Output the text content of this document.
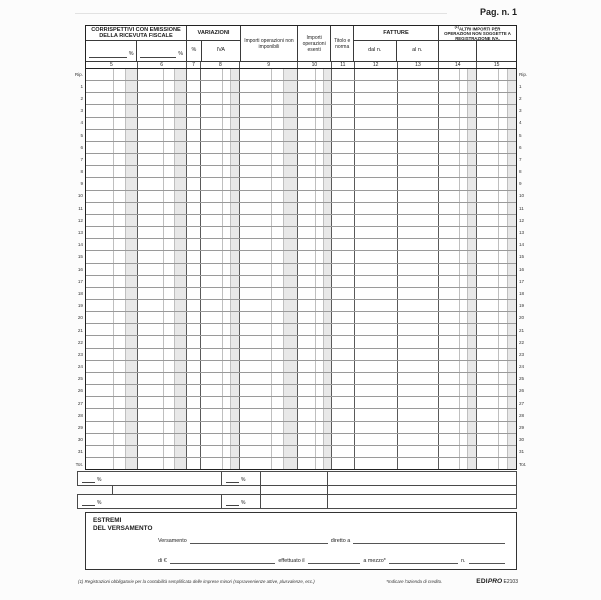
Pag. n. 1
Rip.
1
2
3
4
5
6
7
8
9
10
11
12
13
14
15
16
17
18
19
20
21
22
23
24
25
26
27
28
29
30
31
Tot.
CORRISPETTIVI CON EMISSIONE DELLA RICEVUTA FISCALE
%	%
VARIAZIONI
%	IVA
Importi operazioni non imponibili
Importi operazioni esenti
Titolo e norma
FATTURE
dal n.	al n.
$^{(1)}$ALTRI IMPORTI PER OPERAZIONI NON SOGGETTE A REGISTRAZIONE IVA.
5	6	7	8	9	10	11	12	13	14	15
Rip.
1
2
3
4
5
6
7
8
9
10
11
12
13
14
15
16
17
18
19
20
21
22
23
24
25
26
27
28
29
30
31
Tot.
%	%
%	%
ESTREMI
DEL VERSAMENTO
Versamento	diretto a
di €	effettuato il	a mezzo*	n.
(1) Registrazioni obbligatorie per la contabilità semplificata delle imprese minori (sopravvenienze attive, plusvalenze, ecc.)	*Indicare l'azienda di credito.	EDIPRO E2103
